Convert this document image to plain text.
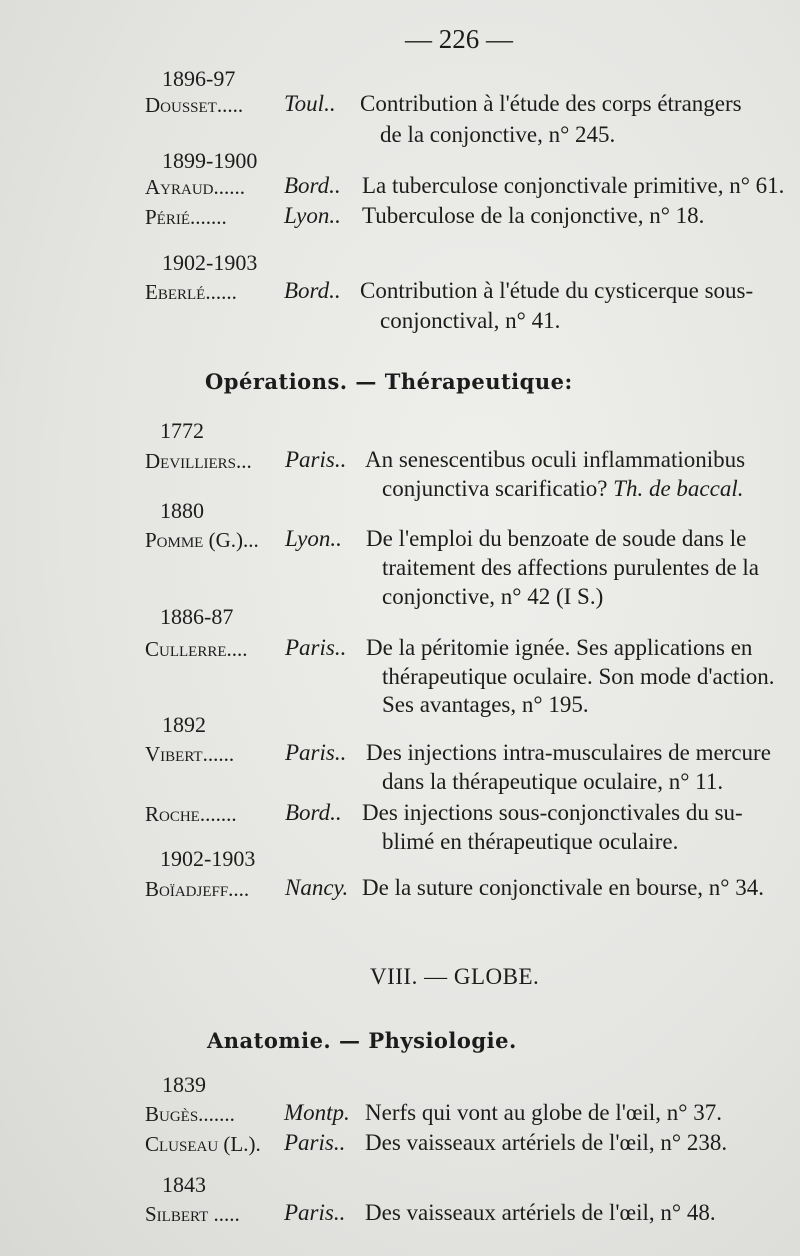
— 226 —
1896-97
Dousset..... Toul.. Contribution à l'étude des corps étrangers
de la conjonctive, n° 245.
1899-1900
Ayraud...... Bord.. La tuberculose conjonctivale primitive, n° 61.
Périé....... Lyon.. Tuberculose de la conjonctive, n° 18.
1902-1903
Eberlé...... Bord.. Contribution à l'étude du cysticerque sous-
conjonctival, n° 41.
Opérations. — Thérapeutique:
1772
Devilliers... Paris.. An senescentibus oculi inflammationibus
conjunctiva scarificatio? Th. de baccal.
1880
Pomme (G.)... Lyon.. De l'emploi du benzoate de soude dans le
traitement des affections purulentes de la
conjonctive, n° 42 (I S.)
1886-87
Cullerre.... Paris.. De la péritomie ignée. Ses applications en
thérapeutique oculaire. Son mode d'action.
Ses avantages, n° 195.
1892
Vibert...... Paris.. Des injections intra-musculaires de mercure
dans la thérapeutique oculaire, n° 11.
Roche....... Bord.. Des injections sous-conjonctivales du su-
blimé en thérapeutique oculaire.
1902-1903
Boïadjeff.... Nancy. De la suture conjonctivale en bourse, n° 34.
VIII. — GLOBE.
Anatomie. — Physiologie.
1839
Bugès....... Montp. Nerfs qui vont au globe de l'œil, n° 37.
Cluseau (L.). Paris.. Des vaisseaux artériels de l'œil, n° 238.
1843
Silbert ..... Paris.. Des vaisseaux artériels de l'œil, n° 48.
